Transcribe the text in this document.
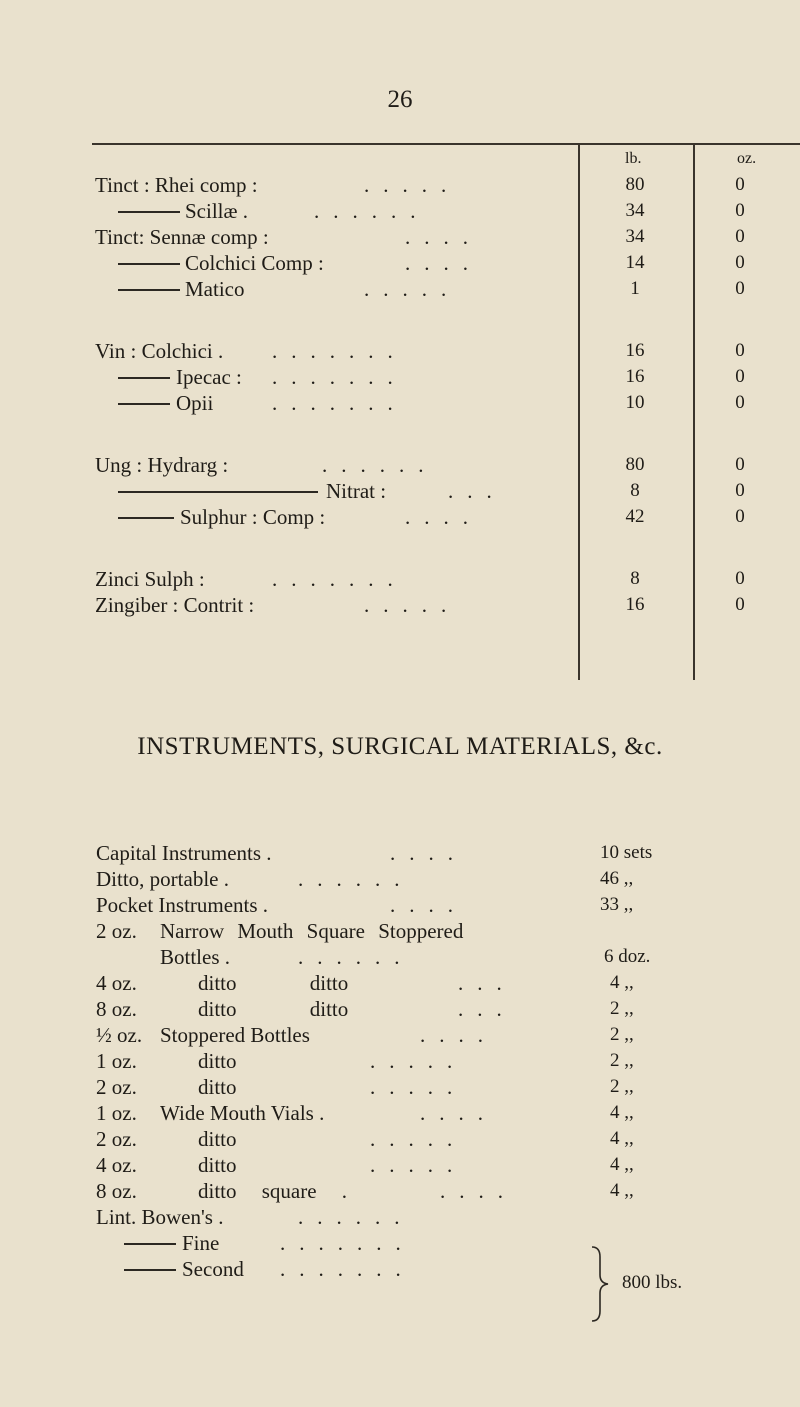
26
lb.	oz.
Tinct : Rhei comp :	.....	80	0
Scillæ .	......	34	0
Tinct: Sennæ comp :	....	34	0
Colchici Comp :	....	14	0
Matico	.....	1	0
Vin : Colchici . .......	16	0
Ipecac : .......	16	0
Opii	.......	10	0
Ung : Hydrarg :	......	80	0
Nitrat :	...	8	0
Sulphur : Comp :	....	42	0
Zinci Sulph :	.......	8	0
Zingiber : Contrit :	.....	16	0
INSTRUMENTS, SURGICAL MATERIALS, &c.
Capital Instruments .	....	10 sets
Ditto, portable .	......	46 ,,
Pocket Instruments .	....	33 ,,
2 oz. Narrow Mouth Square Stoppered
Bottles .	......	6 doz.
4 oz.	ditto ditto	...	4 ,,
8 oz.	ditto ditto	...	2 ,,
½ oz. Stoppered Bottles	....	2 ,,
1 oz.	ditto	.....	2 ,,
2 oz.	ditto	.....	2 ,,
1 oz. Wide Mouth Vials .	....	4 ,,
2 oz.	ditto	.....	4 ,,
4 oz.	ditto	.....	4 ,,
8 oz.	ditto square .	....	4 ,,
Lint. Bowen's .	......
Fine	.......
Second .......
800 lbs.
